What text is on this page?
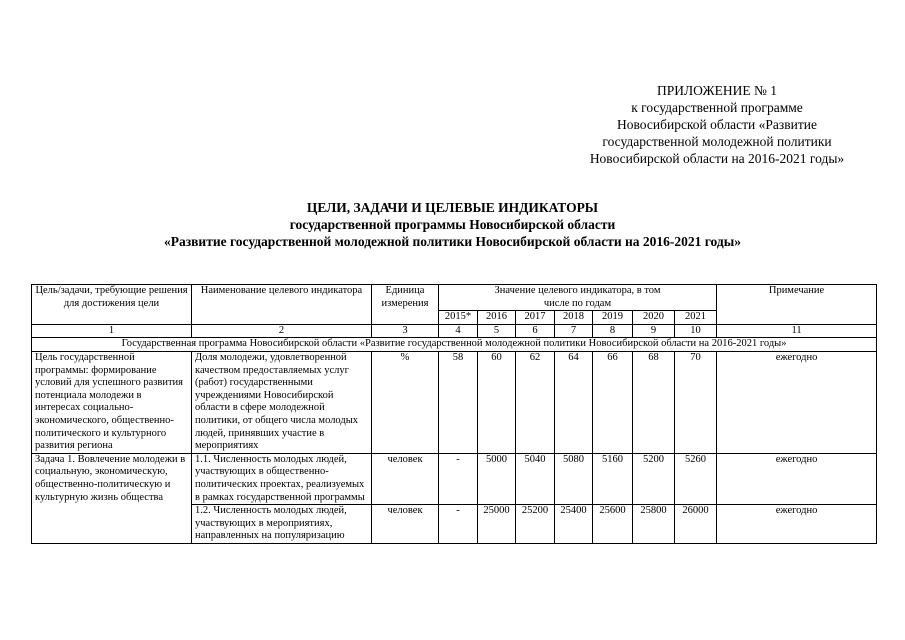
ПРИЛОЖЕНИЕ № 1
к государственной программе
Новосибирской области «Развитие
государственной молодежной политики
Новосибирской области на 2016-2021 годы»
ЦЕЛИ, ЗАДАЧИ И ЦЕЛЕВЫЕ ИНДИКАТОРЫ
государственной программы Новосибирской области
«Развитие государственной молодежной политики Новосибирской области на 2016-2021 годы»
Цель/задачи, требующие решения для достижения цели	Наименование целевого индикатора	Единица измерения	Значение целевого индикатора, в том числе по годам							Примечание
			2015*	2016	2017	2018	2019	2020	2021	
1	2	3	4	5	6	7	8	9	10	11
Государственная программа Новосибирской области «Развитие государственной молодежной политики Новосибирской области на 2016-2021 годы»										
Цель государственной программы: формирование условий для успешного развития потенциала молодежи в интересах социально-экономического, общественно-политического и культурного развития региона	Доля молодежи, удовлетворенной качеством предоставляемых услуг (работ) государственными учреждениями Новосибирской области в сфере молодежной политики, от общего числа молодых людей, принявших участие в мероприятиях	%	58	60	62	64	66	68	70	ежегодно
Задача 1. Вовлечение молодежи в социальную, экономическую, общественно-политическую и культурную жизнь общества	1.1. Численность молодых людей, участвующих в общественно- политических проектах, реализуемых в рамках государственной программы	человек	-	5000	5040	5080	5160	5200	5260	ежегодно
	1.2. Численность молодых людей, участвующих в мероприятиях, направленных на популяризацию	человек	-	25000	25200	25400	25600	25800	26000	ежегодно
